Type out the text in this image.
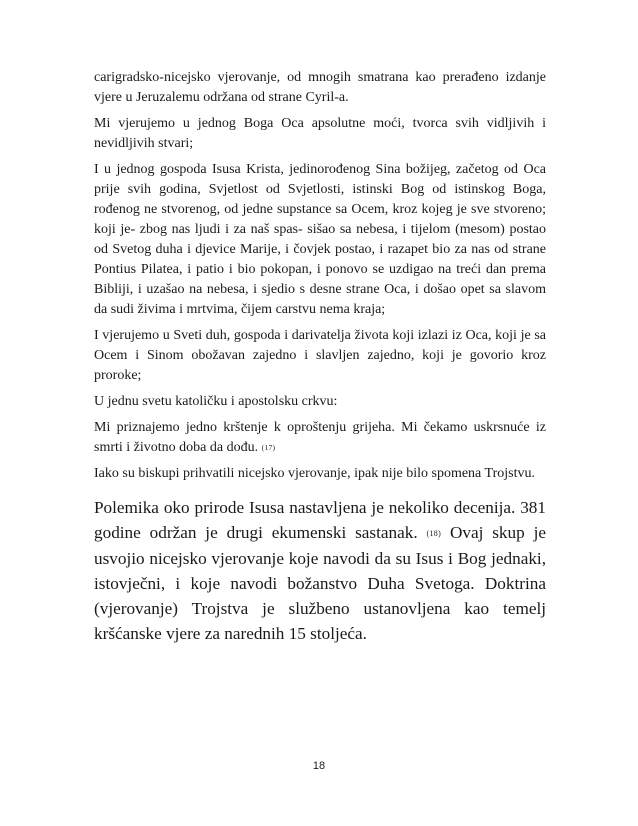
carigradsko-nicejsko vjerovanje, od mnogih smatrana kao prerađeno izdanje vjere u Jeruzalemu održana od strane Cyril-a.

Mi vjerujemo u jednog Boga Oca apsolutne moći, tvorca svih vidljivih i nevidljivih stvari;

I u jednog gospoda Isusa Krista, jedinorođenog Sina božijeg, začetog od Oca prije svih godina, Svjetlost od Svjetlosti, istinski Bog od istinskog Boga, rođenog ne stvorenog, od jedne supstance sa Ocem, kroz kojeg je sve stvoreno; koji je- zbog nas ljudi i za naš spas- sišao sa nebesa, i tijelom (mesom) postao od Svetog duha i djevice Marije, i čovjek postao, i razapet bio za nas od strane Pontius Pilatea, i patio i bio pokopan, i ponovo se uzdigao na treći dan prema Bibliji, i uzašao na nebesa, i sjedio s desne strane Oca, i došao opet sa slavom da sudi živima i mrtvima, čijem carstvu nema kraja;

I vjerujemo u Sveti duh, gospoda i darivatelja života koji izlazi iz Oca, koji je sa Ocem i Sinom obožavan zajedno i slavljen zajedno, koji je govorio kroz proroke;

U jednu svetu katoličku i apostolsku crkvu:

Mi priznajemo jedno krštenje k oproštenju grijeha. Mi čekamo uskrsnuće iz smrti i životno doba da dođu. (17)

Iako su biskupi prihvatili nicejsko vjerovanje, ipak nije bilo spomena Trojstvu.

Polemika oko prirode Isusa nastavljena je nekoliko decenija. 381 godine održan je drugi ekumenski sastanak. (18) Ovaj skup je usvojio nicejsko vjerovanje koje navodi da su Isus i Bog jednaki, istovječni, i koje navodi božanstvo Duha Svetoga. Doktrina (vjerovanje) Trojstva je službeno ustanovljena kao temelj kršćanske vjere za narednih 15 stoljeća.

18
